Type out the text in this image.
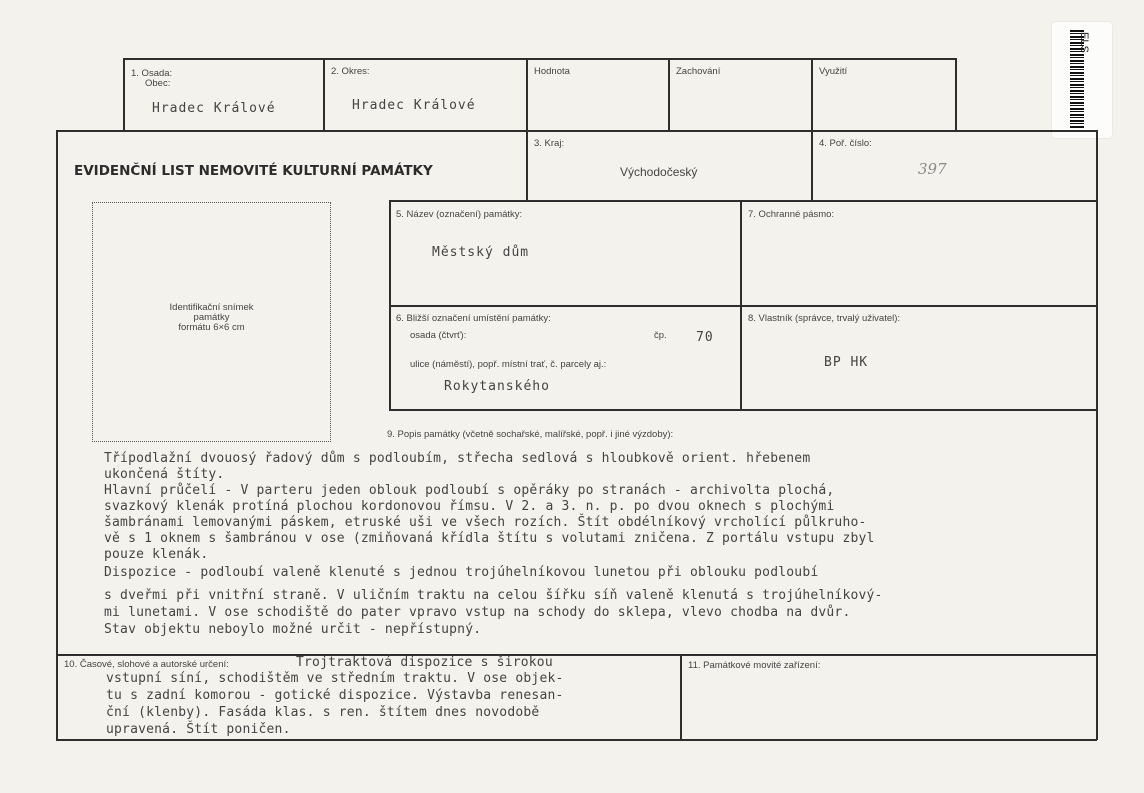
ELS
1. Osada:
Obec:
Hradec Králové
2. Okres:
Hradec Králové
Hodnota	Zachování	Využití
EVIDENČNÍ LIST NEMOVITÉ KULTURNÍ PAMÁTKY
3. Kraj:
Východočeský
4. Poř. číslo:
397
Identifikační snímek
památky
formátu 6×6 cm
5. Název (označení) památky:
Městský dům
7. Ochranné pásmo:
6. Bližší označení umístění památky:
osada (čtvrť):	čp. 70
ulice (náměstí), popř. místní trať, č. parcely aj.:
Rokytanského
8. Vlastník (správce, trvalý uživatel):
BP HK
9. Popis památky (včetně sochařské, malířské, popř. i jiné výzdoby):
Třípodlažní dvouosý řadový dům s podloubím, střecha sedlová s hloubkově orient. hřebenem
ukončená štíty.
Hlavní průčelí - V parteru jeden oblouk podloubí s opěráky po stranách - archivolta plochá,
svazkový klenák protíná plochou kordonovou římsu. V 2. a 3. n. p. po dvou oknech s plochými
šambránami lemovanými páskem, etruské uši ve všech rozích. Štít obdélníkový vrcholící půlkruho-
vě s 1 oknem s šambránou v ose (zmiňovaná křídla štítu s volutami zničena. Z portálu vstupu zbyl
pouze klenák.
Dispozice - podloubí valeně klenuté s jednou trojúhelníkovou lunetou při oblouku podloubí
s dveřmi při vnitřní straně. V uličním traktu na celou šířku síň valeně klenutá s trojúhelníkový-
mi lunetami. V ose schodiště do pater vpravo vstup na schody do sklepa, vlevo chodba na dvůr.
Stav objektu neboylo možné určit - nepřístupný.
10. Časové, slohové a autorské určení:	Trojtraktová dispozice s širokou
vstupní síní, schodištěm ve středním traktu. V ose objek-
tu s zadní komorou - gotické dispozice. Výstavba renesan-
ční (klenby). Fasáda klas. s ren. štítem dnes novodobě
upravená. Štít poničen.
11. Památkové movité zařízení:
